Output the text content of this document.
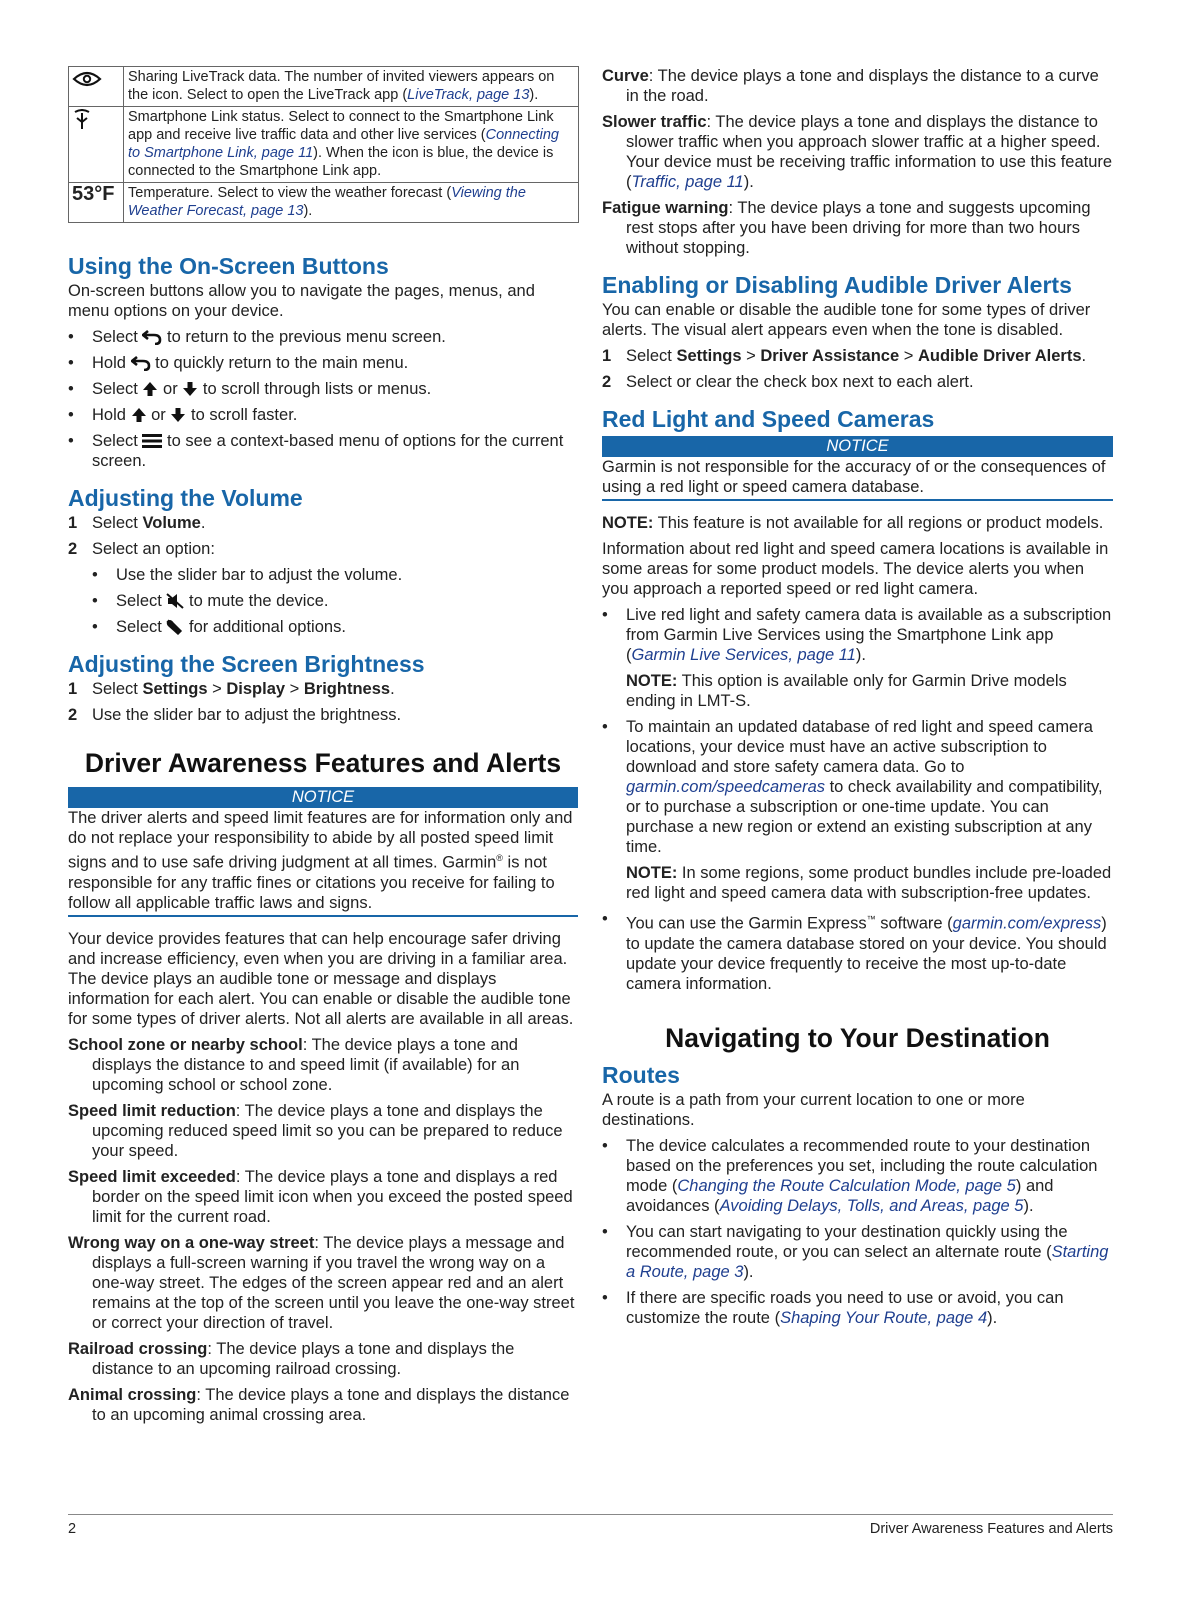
	Sharing LiveTrack data. The number of invited viewers appears on the icon. Select to open the LiveTrack app (LiveTrack, page 13).
	Smartphone Link status. Select to connect to the Smartphone Link app and receive live traffic data and other live services (Connecting to Smartphone Link, page 11). When the icon is blue, the device is connected to the Smartphone Link app.
53°F	Temperature. Select to view the weather forecast (Viewing the Weather Forecast, page 13).
Using the On-Screen Buttons

On-screen buttons allow you to navigate the pages, menus, and menu options on your device.

• Select to return to the previous menu screen.
• Hold to quickly return to the main menu.
• Select or to scroll through lists or menus.
• Hold or to scroll faster.
• Select to see a context-based menu of options for the current screen.
Adjusting the Volume
1 Select Volume.
2 Select an option:
• Use the slider bar to adjust the volume.
• Select to mute the device.
• Select for additional options.
Adjusting the Screen Brightness
1 Select Settings > Display > Brightness.
2 Use the slider bar to adjust the brightness.
Driver Awareness Features and Alerts
NOTICE
The driver alerts and speed limit features are for information only and do not replace your responsibility to abide by all posted speed limit signs and to use safe driving judgment at all times. Garmin® is not responsible for any traffic fines or citations you receive for failing to follow all applicable traffic laws and signs.

Your device provides features that can help encourage safer driving and increase efficiency, even when you are driving in a familiar area. The device plays an audible tone or message and displays information for each alert. You can enable or disable the audible tone for some types of driver alerts. Not all alerts are available in all areas.

School zone or nearby school: The device plays a tone and displays the distance to and speed limit (if available) for an upcoming school or school zone.
Speed limit reduction: The device plays a tone and displays the upcoming reduced speed limit so you can be prepared to reduce your speed.
Speed limit exceeded: The device plays a tone and displays a red border on the speed limit icon when you exceed the posted speed limit for the current road.
Wrong way on a one-way street: The device plays a message and displays a full-screen warning if you travel the wrong way on a one-way street. The edges of the screen appear red and an alert remains at the top of the screen until you leave the one-way street or correct your direction of travel.
Railroad crossing: The device plays a tone and displays the distance to an upcoming railroad crossing.
Animal crossing: The device plays a tone and displays the distance to an upcoming animal crossing area.
Curve: The device plays a tone and displays the distance to a curve in the road.
Slower traffic: The device plays a tone and displays the distance to slower traffic when you approach slower traffic at a higher speed. Your device must be receiving traffic information to use this feature (Traffic, page 11).
Fatigue warning: The device plays a tone and suggests upcoming rest stops after you have been driving for more than two hours without stopping.
Enabling or Disabling Audible Driver Alerts

You can enable or disable the audible tone for some types of driver alerts. The visual alert appears even when the tone is disabled.

1 Select Settings > Driver Assistance > Audible Driver Alerts.
2 Select or clear the check box next to each alert.
Red Light and Speed Cameras
NOTICE
Garmin is not responsible for the accuracy of or the consequences of using a red light or speed camera database.

NOTE: This feature is not available for all regions or product models.

Information about red light and speed camera locations is available in some areas for some product models. The device alerts you when you approach a reported speed or red light camera.

• Live red light and safety camera data is available as a subscription from Garmin Live Services using the Smartphone Link app (Garmin Live Services, page 11).
NOTE: This option is available only for Garmin Drive models ending in LMT-S.
• To maintain an updated database of red light and speed camera locations, your device must have an active subscription to download and store safety camera data. Go to garmin.com/speedcameras to check availability and compatibility, or to purchase a subscription or one-time update. You can purchase a new region or extend an existing subscription at any time.
NOTE: In some regions, some product bundles include pre-loaded red light and speed camera data with subscription-free updates.
• You can use the Garmin Express™ software (garmin.com/express) to update the camera database stored on your device. You should update your device frequently to receive the most up-to-date camera information.
Navigating to Your Destination
Routes

A route is a path from your current location to one or more destinations.

• The device calculates a recommended route to your destination based on the preferences you set, including the route calculation mode (Changing the Route Calculation Mode, page 5) and avoidances (Avoiding Delays, Tolls, and Areas, page 5).
• You can start navigating to your destination quickly using the recommended route, or you can select an alternate route (Starting a Route, page 3).
• If there are specific roads you need to use or avoid, you can customize the route (Shaping Your Route, page 4).
2	Driver Awareness Features and Alerts
